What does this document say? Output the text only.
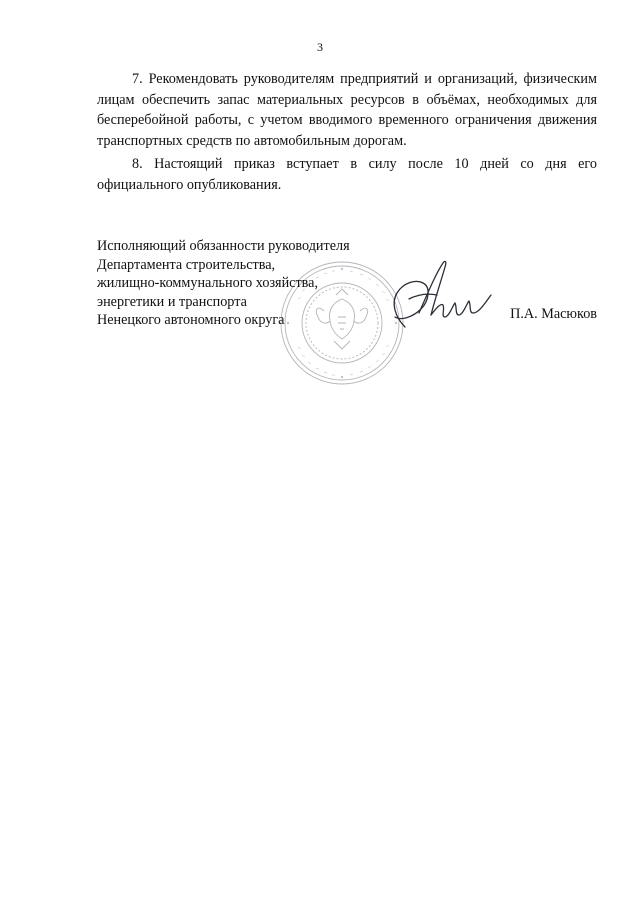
3

7. Рекомендовать руководителям предприятий и организаций, физическим лицам обеспечить запас материальных ресурсов в объёмах, необходимых для бесперебойной работы, с учетом вводимого временного ограничения движения транспортных средств по автомобильным дорогам.

8. Настоящий приказ вступает в силу после 10 дней со дня его официального опубликования.

Исполняющий обязанности руководителя
Департамента строительства,
жилищно-коммунального хозяйства,
энергетики и транспорта
Ненецкого автономного округа	П.А. Масюков
